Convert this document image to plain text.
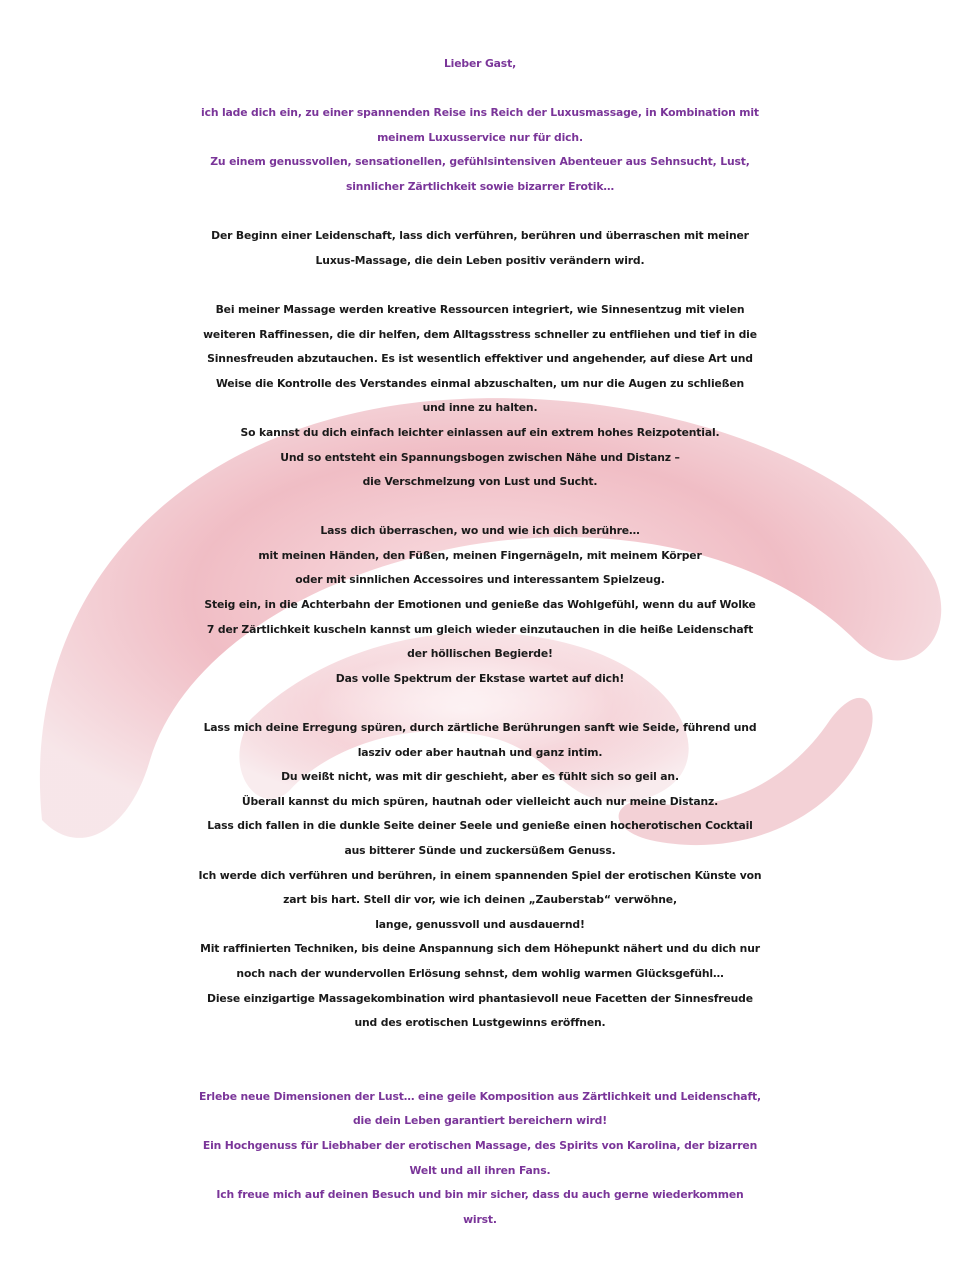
Lieber Gast,
ich lade dich ein, zu einer spannenden Reise ins Reich der Luxusmassage, in Kombination mit
meinem Luxusservice nur für dich.
Zu einem genussvollen, sensationellen, gefühlsintensiven Abenteuer aus Sehnsucht, Lust,
sinnlicher Zärtlichkeit sowie bizarrer Erotik…
Der Beginn einer Leidenschaft, lass dich verführen, berühren und überraschen mit meiner
Luxus-Massage, die dein Leben positiv verändern wird.
Bei meiner Massage werden kreative Ressourcen integriert, wie Sinnesentzug mit vielen
weiteren Raffinessen, die dir helfen, dem Alltagsstress schneller zu entfliehen und tief in die
Sinnesfreuden abzutauchen. Es ist wesentlich effektiver und angehender, auf diese Art und
Weise die Kontrolle des Verstandes einmal abzuschalten, um nur die Augen zu schließen
und inne zu halten.
So kannst du dich einfach leichter einlassen auf ein extrem hohes Reizpotential.
Und so entsteht ein Spannungsbogen zwischen Nähe und Distanz –
die Verschmelzung von Lust und Sucht.
Lass dich überraschen, wo und wie ich dich berühre…
mit meinen Händen, den Füßen, meinen Fingernägeln, mit meinem Körper
oder mit sinnlichen Accessoires und interessantem Spielzeug.
Steig ein, in die Achterbahn der Emotionen und genieße das Wohlgefühl, wenn du auf Wolke
7 der Zärtlichkeit kuscheln kannst um gleich wieder einzutauchen in die heiße Leidenschaft
der höllischen Begierde!
Das volle Spektrum der Ekstase wartet auf dich!
Lass mich deine Erregung spüren, durch zärtliche Berührungen sanft wie Seide, führend und
lasziv oder aber hautnah und ganz intim.
Du weißt nicht, was mit dir geschieht, aber es fühlt sich so geil an.
Überall kannst du mich spüren, hautnah oder vielleicht auch nur meine Distanz.
Lass dich fallen in die dunkle Seite deiner Seele und genieße einen hocherotischen Cocktail
aus bitterer Sünde und zuckersüßem Genuss.
Ich werde dich verführen und berühren, in einem spannenden Spiel der erotischen Künste von
zart bis hart. Stell dir vor, wie ich deinen „Zauberstab“ verwöhne,
lange, genussvoll und ausdauernd!
Mit raffinierten Techniken, bis deine Anspannung sich dem Höhepunkt nähert und du dich nur
noch nach der wundervollen Erlösung sehnst, dem wohlig warmen Glücksgefühl…
Diese einzigartige Massagekombination wird phantasievoll neue Facetten der Sinnesfreude
und des erotischen Lustgewinns eröffnen.
Erlebe neue Dimensionen der Lust… eine geile Komposition aus Zärtlichkeit und Leidenschaft,
die dein Leben garantiert bereichern wird!
Ein Hochgenuss für Liebhaber der erotischen Massage, des Spirits von Karolina, der bizarren
Welt und all ihren Fans.
Ich freue mich auf deinen Besuch und bin mir sicher, dass du auch gerne wiederkommen
wirst.
